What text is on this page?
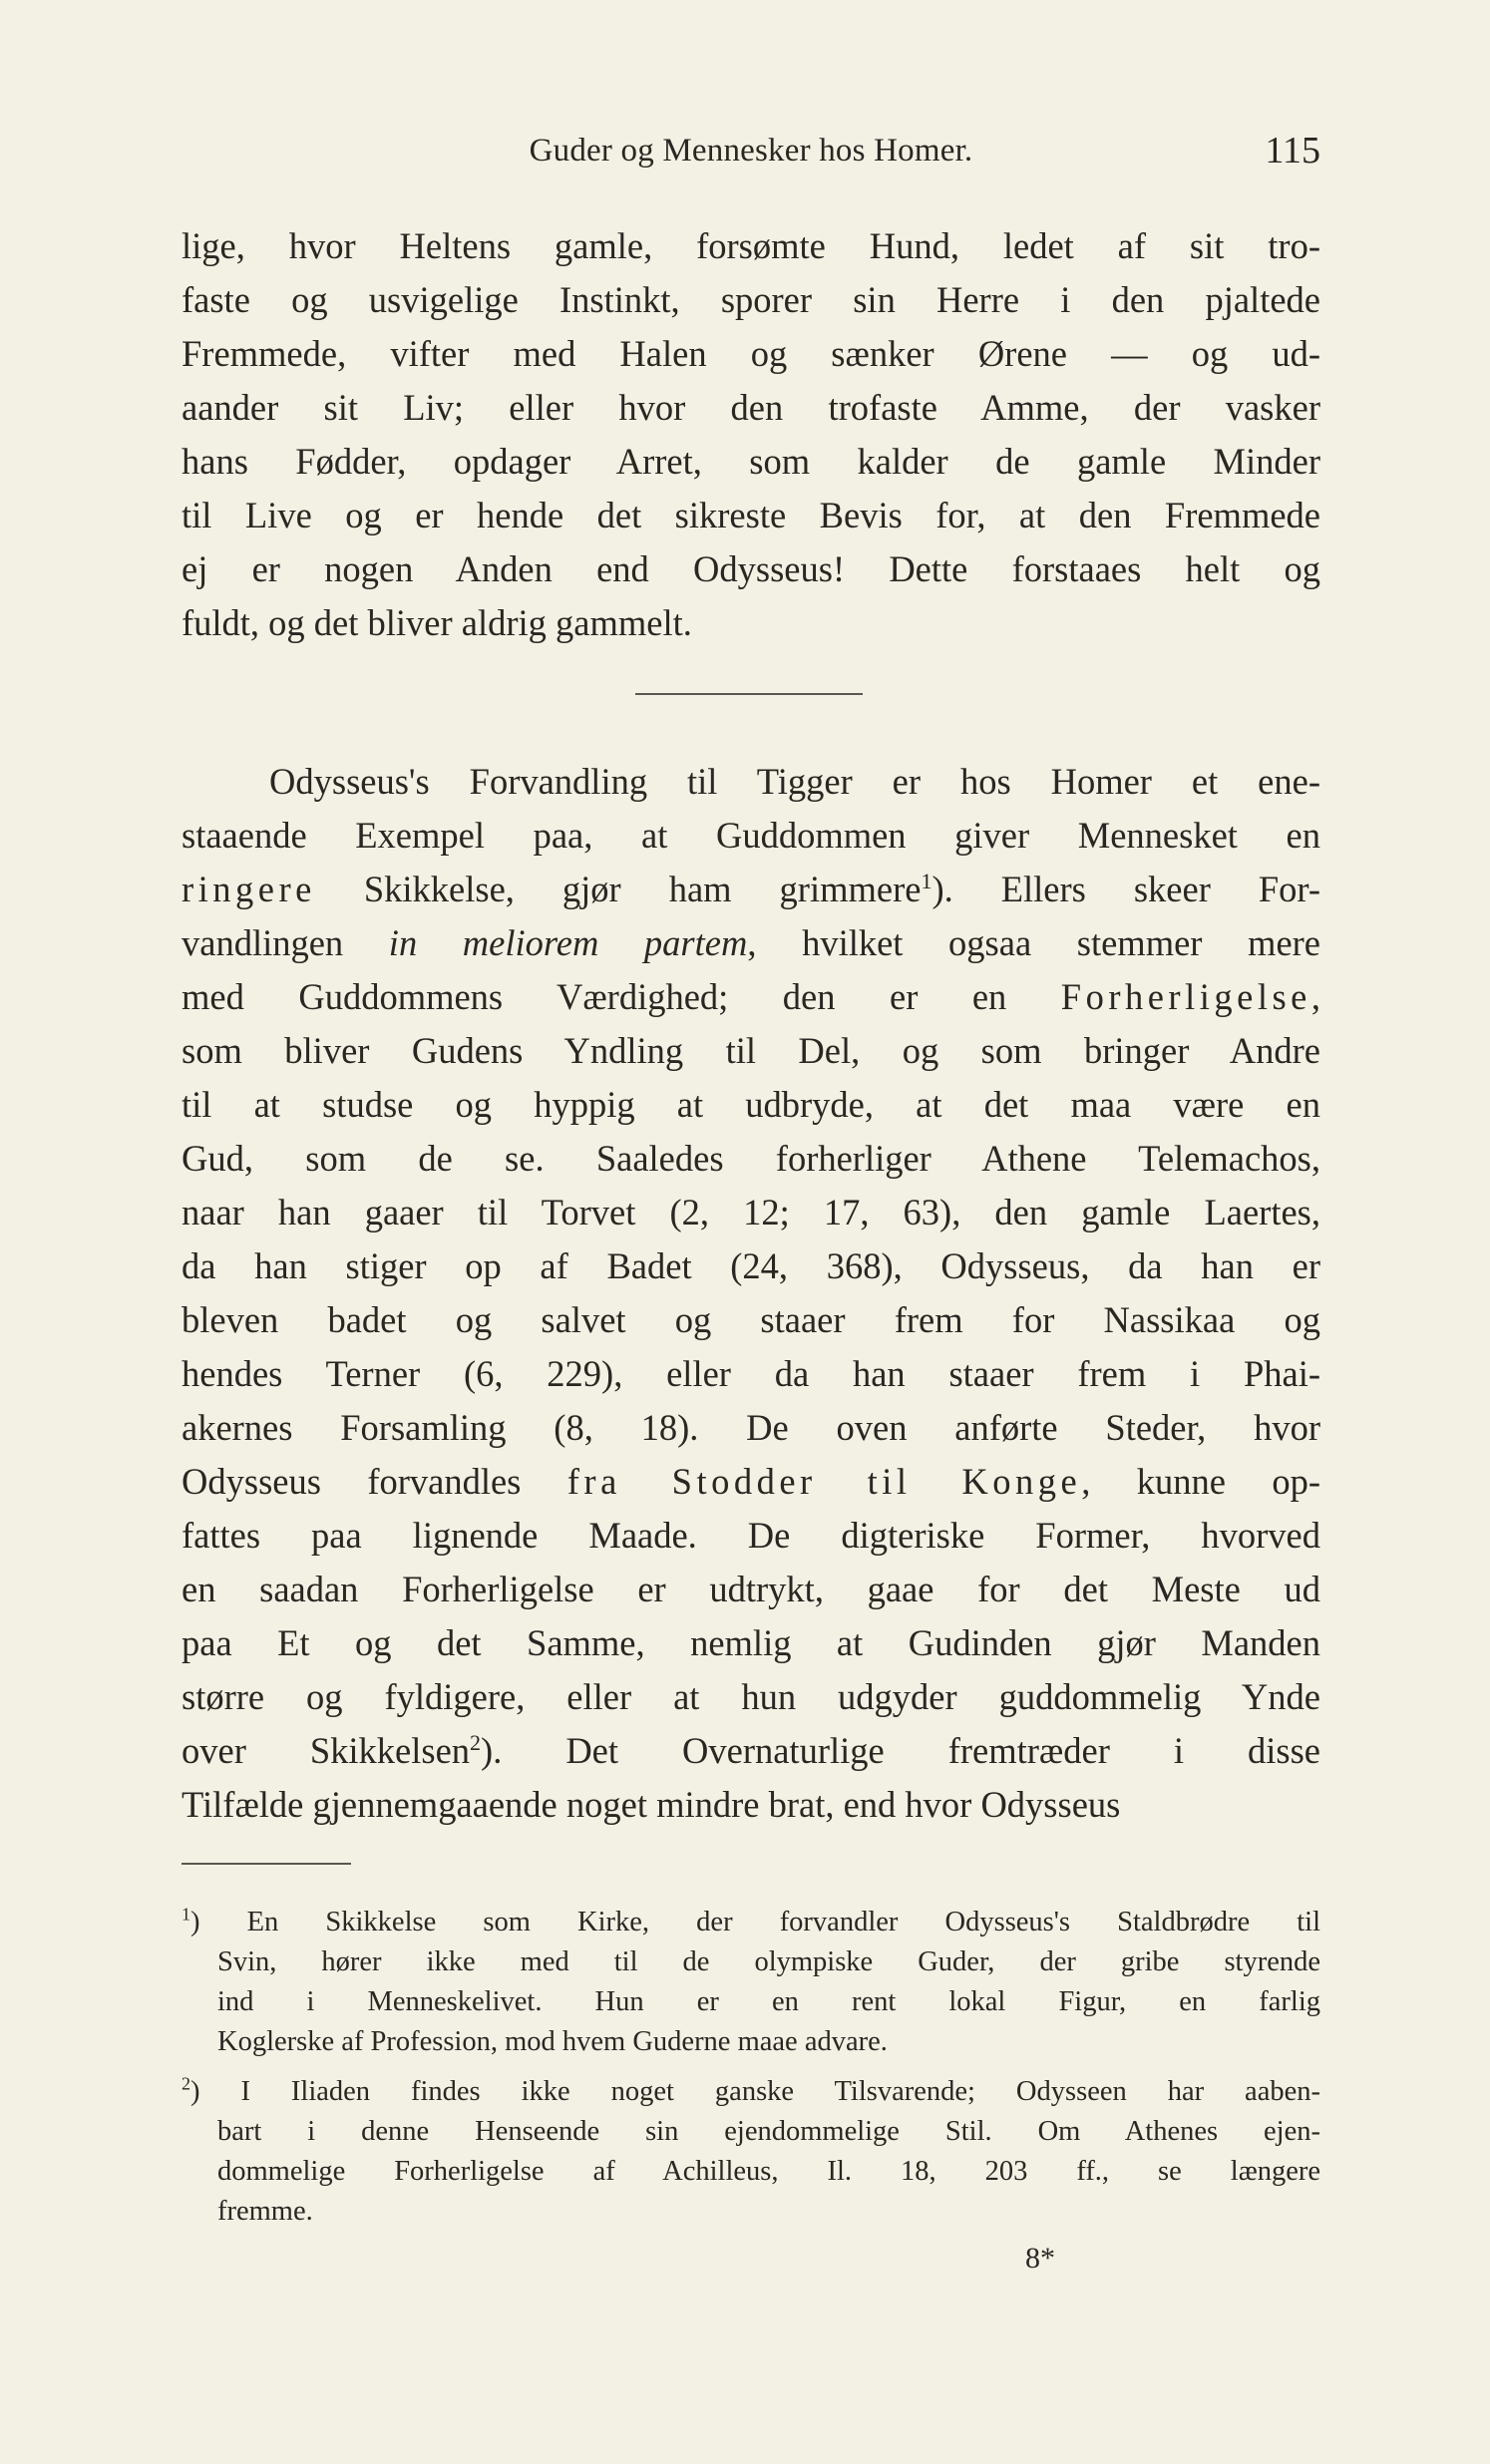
Guder og Mennesker hos Homer.	115
lige, hvor Heltens gamle, forsømte Hund, ledet af sit tro-
faste og usvigelige Instinkt, sporer sin Herre i den pjaltede
Fremmede, vifter med Halen og sænker Ørene — og ud-
aander sit Liv; eller hvor den trofaste Amme, der vasker
hans Fødder, opdager Arret, som kalder de gamle Minder
til Live og er hende det sikreste Bevis for, at den Fremmede
ej er nogen Anden end Odysseus! Dette forstaaes helt og
fuldt, og det bliver aldrig gammelt.
Odysseus's Forvandling til Tigger er hos Homer et ene-
staaende Exempel paa, at Guddommen giver Mennesket en
ringere Skikkelse, gjør ham grimmere$^1$). Ellers skeer For-
vandlingen in meliorem partem, hvilket ogsaa stemmer mere
med Guddommens Værdighed; den er en Forherligelse,
som bliver Gudens Yndling til Del, og som bringer Andre
til at studse og hyppig at udbryde, at det maa være en
Gud, som de se. Saaledes forherliger Athene Telemachos,
naar han gaaer til Torvet (2, 12; 17, 63), den gamle Laertes,
da han stiger op af Badet (24, 368), Odysseus, da han er
bleven badet og salvet og staaer frem for Nassikaa og
hendes Terner (6, 229), eller da han staaer frem i Phai-
akernes Forsamling (8, 18). De oven anførte Steder, hvor
Odysseus forvandles fra Stodder til Konge, kunne op-
fattes paa lignende Maade. De digteriske Former, hvorved
en saadan Forherligelse er udtrykt, gaae for det Meste ud
paa Et og det Samme, nemlig at Gudinden gjør Manden
større og fyldigere, eller at hun udgyder guddommelig Ynde
over Skikkelsen$^2$). Det Overnaturlige fremtræder i disse
Tilfælde gjennemgaaende noget mindre brat, end hvor Odysseus
$^1$) En Skikkelse som Kirke, der forvandler Odysseus's Staldbrødre til
Svin, hører ikke med til de olympiske Guder, der gribe styrende
ind i Menneskelivet. Hun er en rent lokal Figur, en farlig
Koglerske af Profession, mod hvem Guderne maae advare.
$^2$) I Iliaden findes ikke noget ganske Tilsvarende; Odysseen har aaben-
bart i denne Henseende sin ejendommelige Stil. Om Athenes ejen-
dommelige Forherligelse af Achilleus, Il. 18, 203 ff., se længere
fremme.
8*
